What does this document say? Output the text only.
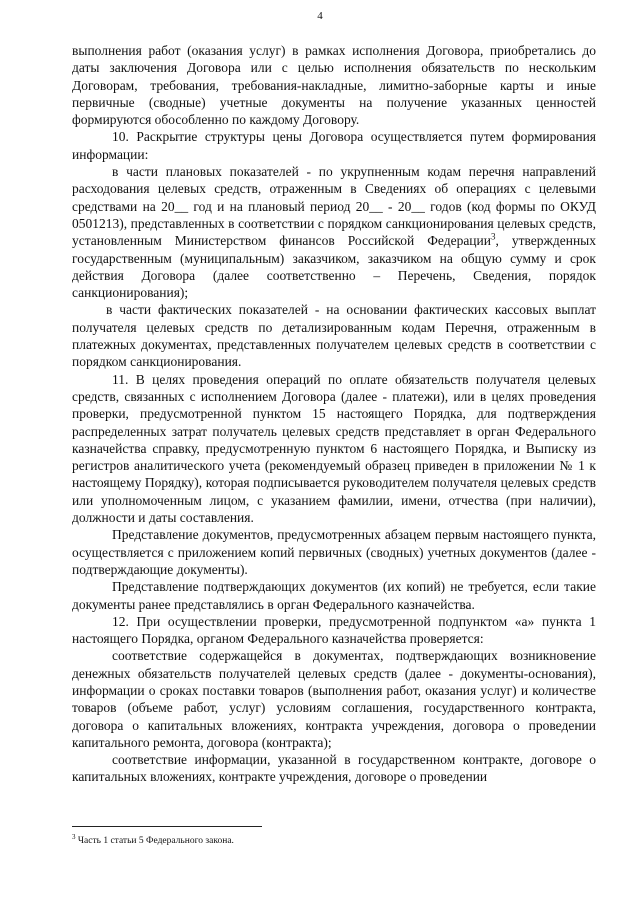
4

выполнения работ (оказания услуг) в рамках исполнения Договора, приобретались до даты заключения Договора или с целью исполнения обязательств по нескольким Договорам, требования, требования-накладные, лимитно-заборные карты и иные первичные (сводные) учетные документы на получение указанных ценностей формируются обособленно по каждому Договору.

10. Раскрытие структуры цены Договора осуществляется путем формирования информации:

в части плановых показателей - по укрупненным кодам перечня направлений расходования целевых средств, отраженным в Сведениях об операциях с целевыми средствами на 20__ год и на плановый период 20__ - 20__ годов (код формы по ОКУД 0501213), представленных в соответствии с порядком санкционирования целевых средств, установленным Министерством финансов Российской Федерации$^3$, утвержденных государственным (муниципальным) заказчиком, заказчиком на общую сумму и срок действия Договора (далее соответственно – Перечень, Сведения, порядок санкционирования);

в части фактических показателей - на основании фактических кассовых выплат получателя целевых средств по детализированным кодам Перечня, отраженным в платежных документах, представленных получателем целевых средств в соответствии с порядком санкционирования.

11. В целях проведения операций по оплате обязательств получателя целевых средств, связанных с исполнением Договора (далее - платежи), или в целях проведения проверки, предусмотренной пунктом 15 настоящего Порядка, для подтверждения распределенных затрат получатель целевых средств представляет в орган Федерального казначейства справку, предусмотренную пунктом 6 настоящего Порядка, и Выписку из регистров аналитического учета (рекомендуемый образец приведен в приложении № 1 к настоящему Порядку), которая подписывается руководителем получателя целевых средств или уполномоченным лицом, с указанием фамилии, имени, отчества (при наличии), должности и даты составления.

Представление документов, предусмотренных абзацем первым настоящего пункта, осуществляется с приложением копий первичных (сводных) учетных документов (далее - подтверждающие документы).

Представление подтверждающих документов (их копий) не требуется, если такие документы ранее представлялись в орган Федерального казначейства.

12. При осуществлении проверки, предусмотренной подпунктом «а» пункта 1 настоящего Порядка, органом Федерального казначейства проверяется:

соответствие содержащейся в документах, подтверждающих возникновение денежных обязательств получателей целевых средств (далее - документы-основания), информации о сроках поставки товаров (выполнения работ, оказания услуг) и количестве товаров (объеме работ, услуг) условиям соглашения, государственного контракта, договора о капитальных вложениях, контракта учреждения, договора о проведении капитального ремонта, договора (контракта);

соответствие информации, указанной в государственном контракте, договоре о капитальных вложениях, контракте учреждения, договоре о проведении

$^3$ Часть 1 статьи 5 Федерального закона.
